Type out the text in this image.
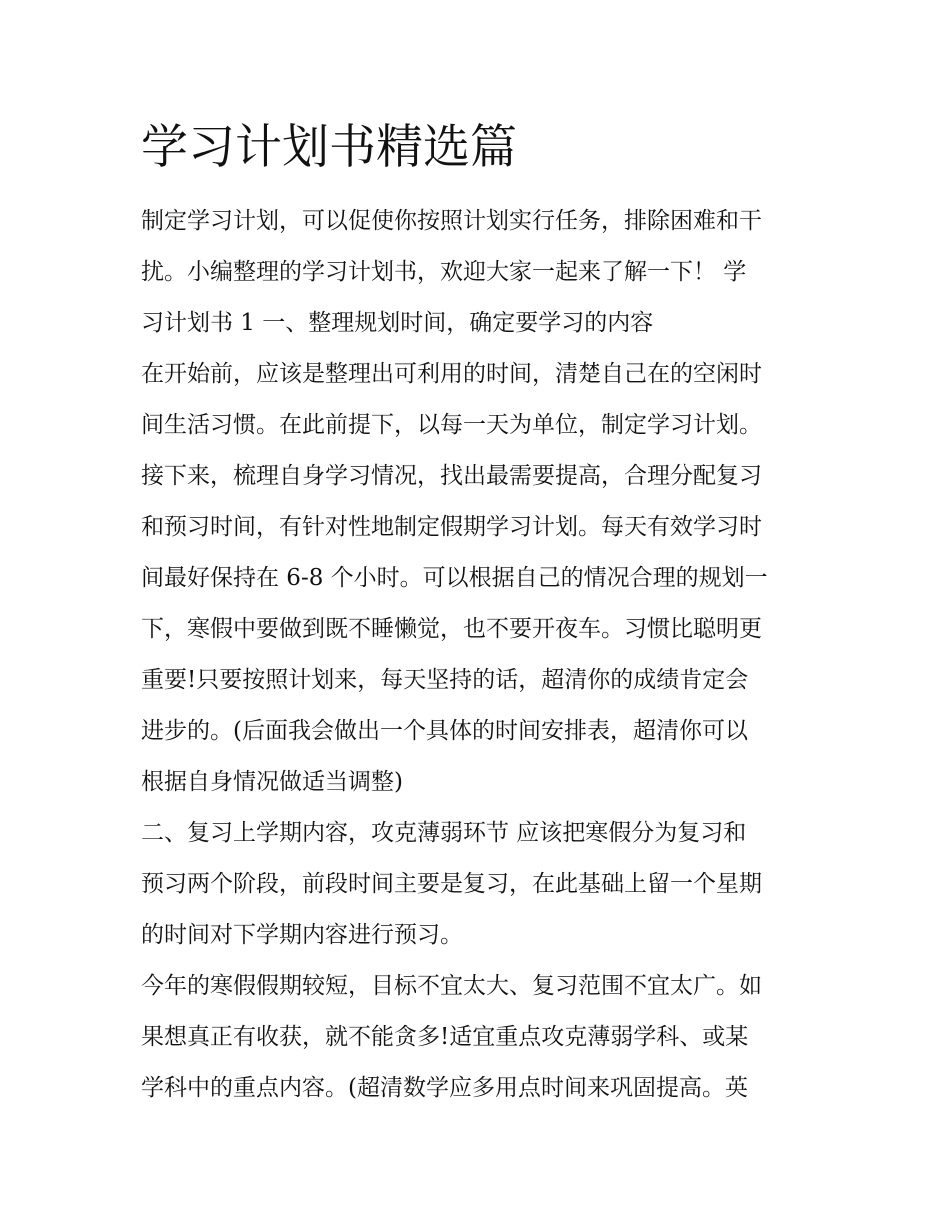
学习计划书精选篇

制定学习计划，可以促使你按照计划实行任务，排除困难和干

扰。小编整理的学习计划书，欢迎大家一起来了解一下！ 学

习计划书 1 一、整理规划时间，确定要学习的内容

在开始前，应该是整理出可利用的时间，清楚自己在的空闲时

间生活习惯。在此前提下，以每一天为单位，制定学习计划。

接下来，梳理自身学习情况，找出最需要提高，合理分配复习

和预习时间，有针对性地制定假期学习计划。每天有效学习时

间最好保持在 6-8 个小时。可以根据自己的情况合理的规划一

下，寒假中要做到既不睡懒觉，也不要开夜车。习惯比聪明更

重要!只要按照计划来，每天坚持的话，超清你的成绩肯定会

进步的。(后面我会做出一个具体的时间安排表，超清你可以

根据自身情况做适当调整)

二、复习上学期内容，攻克薄弱环节 应该把寒假分为复习和

预习两个阶段，前段时间主要是复习，在此基础上留一个星期

的时间对下学期内容进行预习。

今年的寒假假期较短，目标不宜太大、复习范围不宜太广。如

果想真正有收获，就不能贪多!适宜重点攻克薄弱学科、或某

学科中的重点内容。(超清数学应多用点时间来巩固提高。英
